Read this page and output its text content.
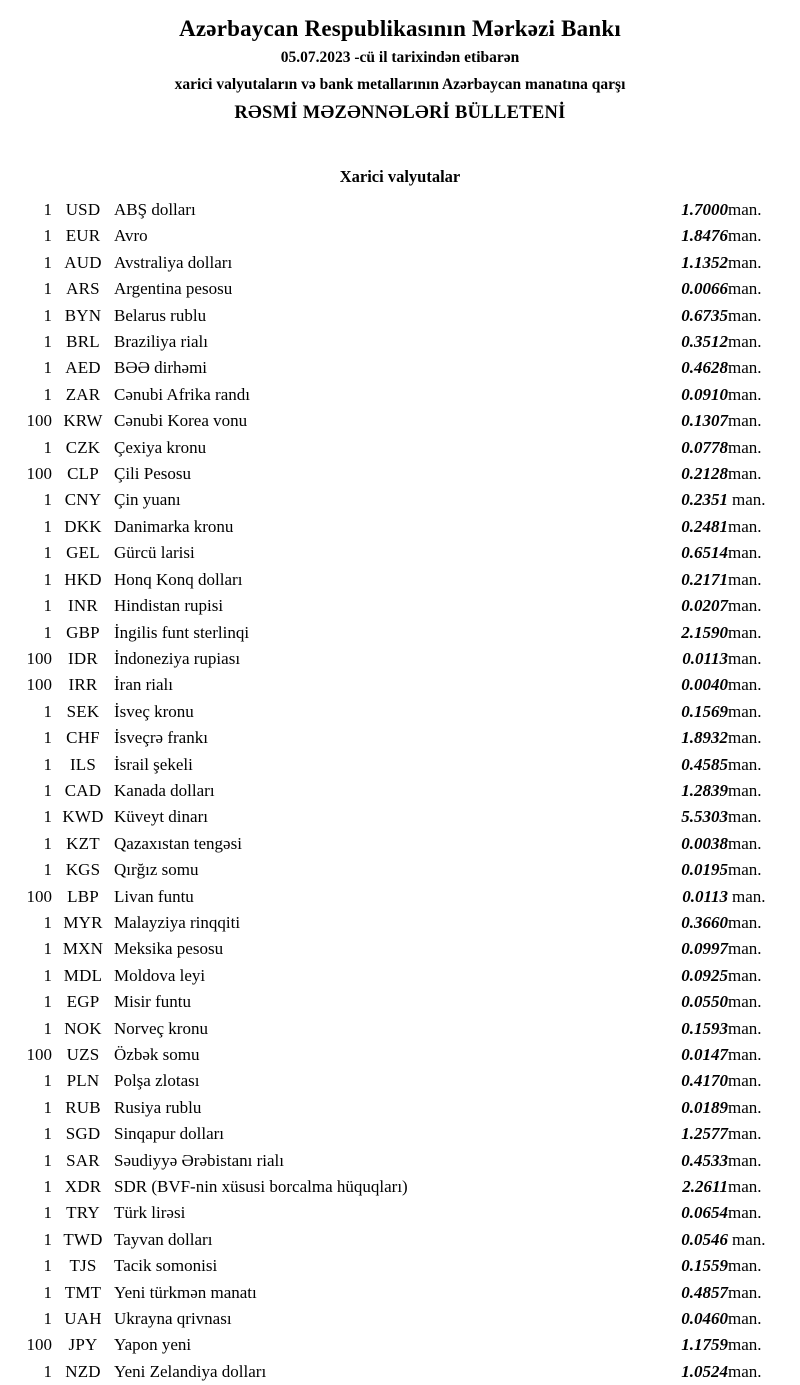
Azərbaycan Respublikasının Mərkəzi Bankı
05.07.2023 -cü il tarixindən etibarən
xarici valyutaların və bank metallarının Azərbaycan manatına qarşı
RƏSMİ MƏZƏNNƏLƏRİ BÜLLETENİ
Xarici valyutalar
1	USD	ABŞ dolları	1.7000	man.
1	EUR	Avro	1.8476	man.
1	AUD	Avstraliya dolları	1.1352	man.
1	ARS	Argentina pesosu	0.0066	man.
1	BYN	Belarus rublu	0.6735	man.
1	BRL	Braziliya rialı	0.3512	man.
1	AED	BƏƏ dirhəmi	0.4628	man.
1	ZAR	Cənubi Afrika randı	0.0910	man.
100	KRW	Cənubi Korea vonu	0.1307	man.
1	CZK	Çexiya kronu	0.0778	man.
100	CLP	Çili Pesosu	0.2128	man.
1	CNY	Çin yuanı	0.2351	man.
1	DKK	Danimarka kronu	0.2481	man.
1	GEL	Gürcü larisi	0.6514	man.
1	HKD	Honq Konq dolları	0.2171	man.
1	INR	Hindistan rupisi	0.0207	man.
1	GBP	İngilis funt sterlinqi	2.1590	man.
100	IDR	İndoneziya rupiası	0.0113	man.
100	IRR	İran rialı	0.0040	man.
1	SEK	İsveç kronu	0.1569	man.
1	CHF	İsveçrə frankı	1.8932	man.
1	ILS	İsrail şekeli	0.4585	man.
1	CAD	Kanada dolları	1.2839	man.
1	KWD	Küveyt dinarı	5.5303	man.
1	KZT	Qazaxıstan tengəsi	0.0038	man.
1	KGS	Qırğız somu	0.0195	man.
100	LBP	Livan funtu	0.0113	man.
1	MYR	Malayziya rinqqiti	0.3660	man.
1	MXN	Meksika pesosu	0.0997	man.
1	MDL	Moldova leyi	0.0925	man.
1	EGP	Misir funtu	0.0550	man.
1	NOK	Norveç kronu	0.1593	man.
100	UZS	Özbək somu	0.0147	man.
1	PLN	Polşa zlotası	0.4170	man.
1	RUB	Rusiya rublu	0.0189	man.
1	SGD	Sinqapur dolları	1.2577	man.
1	SAR	Səudiyyə Ərəbistanı rialı	0.4533	man.
1	XDR	SDR (BVF-nin xüsusi borcalma hüquqları)	2.2611	man.
1	TRY	Türk lirəsi	0.0654	man.
1	TWD	Tayvan dolları	0.0546	man.
1	TJS	Tacik somonisi	0.1559	man.
1	TMT	Yeni türkmən manatı	0.4857	man.
1	UAH	Ukrayna qrivnası	0.0460	man.
100	JPY	Yapon yeni	1.1759	man.
1	NZD	Yeni Zelandiya dolları	1.0524	man.
